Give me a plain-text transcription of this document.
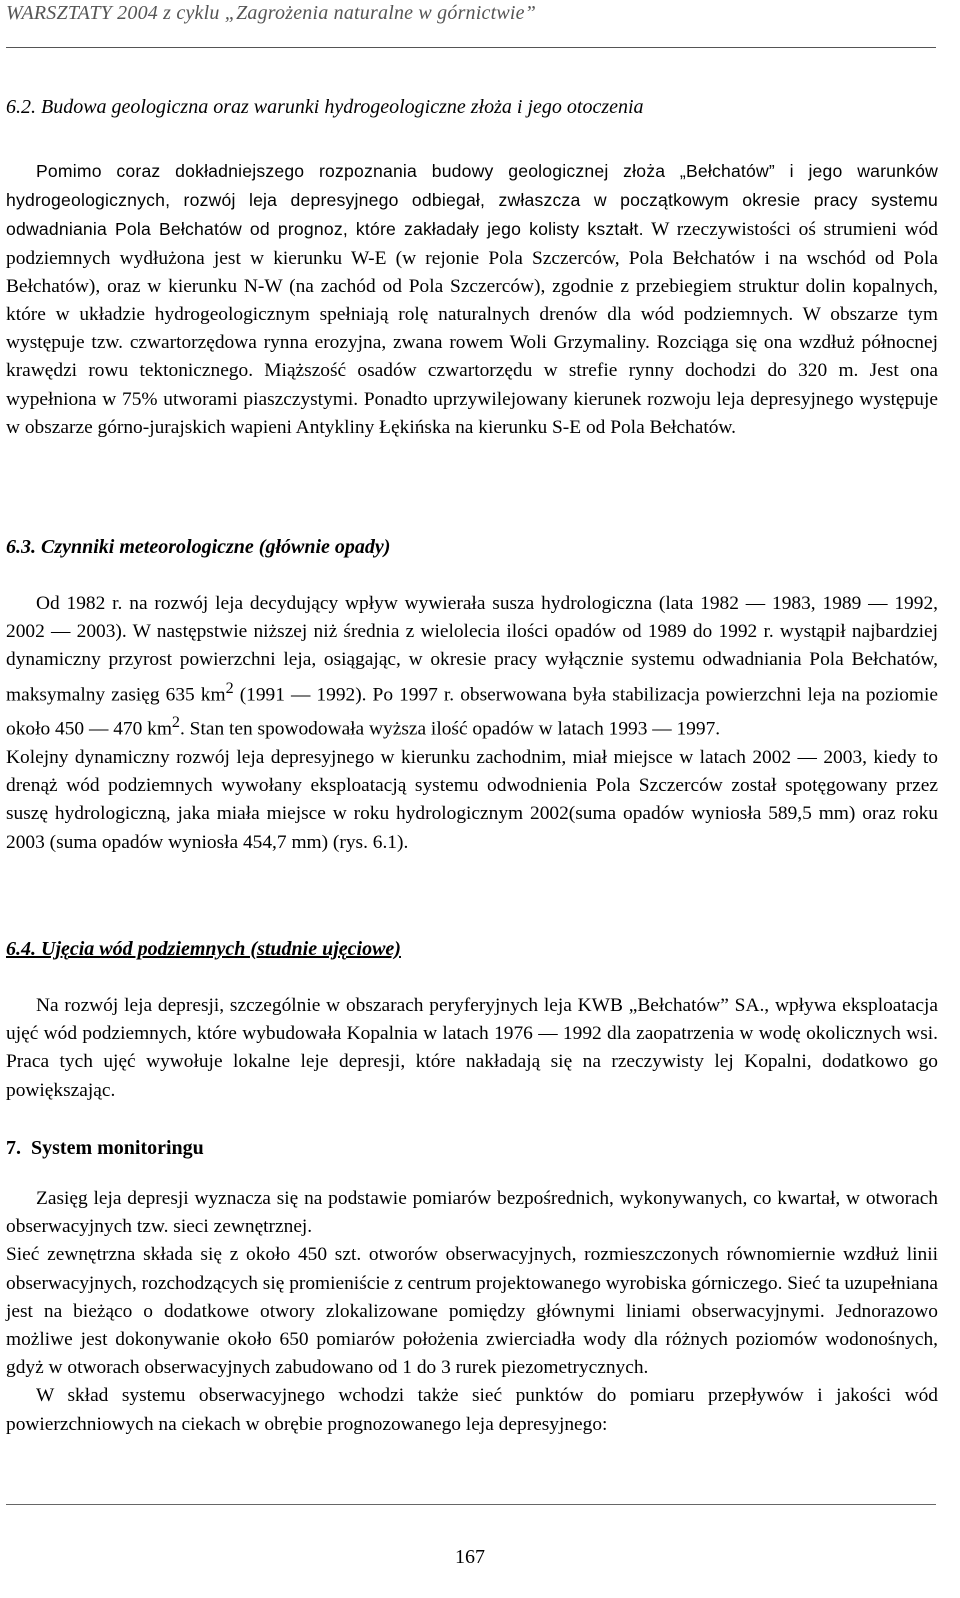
WARSZTATY 2004 z cyklu „Zagrożenia naturalne w górnictwie”
6.2. Budowa geologiczna oraz warunki hydrogeologiczne złoża i jego otoczenia

Pomimo coraz dokładniejszego rozpoznania budowy geologicznej złoża „Bełchatów” i jego warunków hydrogeologicznych, rozwój leja depresyjnego odbiegał, zwłaszcza w początkowym okresie pracy systemu odwadniania Pola Bełchatów od prognoz, które zakładały jego kolisty kształt. W rzeczywistości oś strumieni wód podziemnych wydłużona jest w kierunku W-E (w rejonie Pola Szczerców, Pola Bełchatów i na wschód od Pola Bełchatów), oraz w kierunku N-W (na zachód od Pola Szczerców), zgodnie z przebiegiem struktur dolin kopalnych, które w układzie hydrogeologicznym spełniają rolę naturalnych drenów dla wód podziemnych. W obszarze tym występuje tzw. czwartorzędowa rynna erozyjna, zwana rowem Woli Grzymaliny. Rozciąga się ona wzdłuż północnej krawędzi rowu tektonicznego. Miąższość osadów czwartorzędu w strefie rynny dochodzi do 320 m. Jest ona wypełniona w 75% utworami piaszczystymi. Ponadto uprzywilejowany kierunek rozwoju leja depresyjnego występuje w obszarze górno-jurajskich wapieni Antykliny Łękińska na kierunku S-E od Pola Bełchatów.

6.3. Czynniki meteorologiczne (głównie opady)

Od 1982 r. na rozwój leja decydujący wpływ wywierała susza hydrologiczna (lata 1982 — 1983, 1989 — 1992, 2002 — 2003). W następstwie niższej niż średnia z wielolecia ilości opadów od 1989 do 1992 r. wystąpił najbardziej dynamiczny przyrost powierzchni leja, osiągając, w okresie pracy wyłącznie systemu odwadniania Pola Bełchatów, maksymalny zasięg 635 $km^2$ (1991 — 1992). Po 1997 r. obserwowana była stabilizacja powierzchni leja na poziomie około 450 — 470 $km^2$. Stan ten spowodowała wyższa ilość opadów w latach 1993 — 1997.

Kolejny dynamiczny rozwój leja depresyjnego w kierunku zachodnim, miał miejsce w latach 2002 — 2003, kiedy to drenąż wód podziemnych wywołany eksploatacją systemu odwodnienia Pola Szczerców został spotęgowany przez suszę hydrologiczną, jaka miała miejsce w roku hydrologicznym 2002(suma opadów wyniosła 589,5 mm) oraz roku 2003 (suma opadów wyniosła 454,7 mm) (rys. 6.1).

6.4. Ujęcia wód podziemnych (studnie ujęciowe)

Na rozwój leja depresji, szczególnie w obszarach peryferyjnych leja KWB „Bełchatów” SA., wpływa eksploatacja ujęć wód podziemnych, które wybudowała Kopalnia w latach 1976 — 1992 dla zaopatrzenia w wodę okolicznych wsi. Praca tych ujęć wywołuje lokalne leje depresji, które nakładają się na rzeczywisty lej Kopalni, dodatkowo go powiększając.

7. System monitoringu

Zasięg leja depresji wyznacza się na podstawie pomiarów bezpośrednich, wykonywanych, co kwartał, w otworach obserwacyjnych tzw. sieci zewnętrznej.

Sieć zewnętrzna składa się z około 450 szt. otworów obserwacyjnych, rozmieszczonych równomiernie wzdłuż linii obserwacyjnych, rozchodzących się promieniście z centrum projektowanego wyrobiska górniczego. Sieć ta uzupełniana jest na bieżąco o dodatkowe otwory zlokalizowane pomiędzy głównymi liniami obserwacyjnymi. Jednorazowo możliwe jest dokonywanie około 650 pomiarów położenia zwierciadła wody dla różnych poziomów wodonośnych, gdyż w otworach obserwacyjnych zabudowano od 1 do 3 rurek piezometrycznych.

W skład systemu obserwacyjnego wchodzi także sieć punktów do pomiaru przepływów i jakości wód powierzchniowych na ciekach w obrębie prognozowanego leja depresyjnego:

167
